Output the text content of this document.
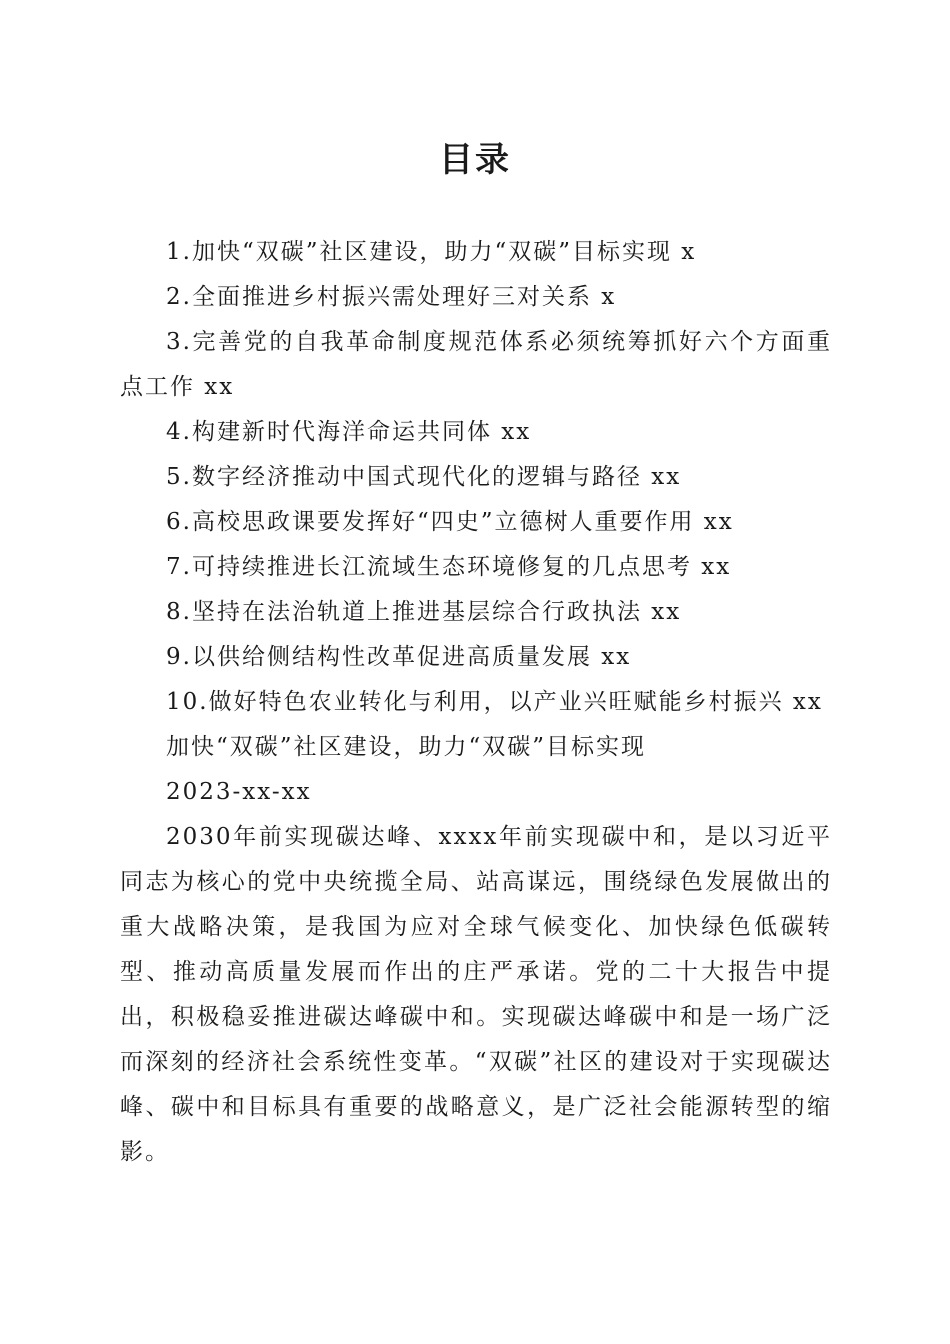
目录

1.加快“双碳”社区建设，助力“双碳”目标实现 x

2.全面推进乡村振兴需处理好三对关系 x

3.完善党的自我革命制度规范体系必须统筹抓好六个方面重点工作 xx

4.构建新时代海洋命运共同体 xx

5.数字经济推动中国式现代化的逻辑与路径 xx

6.高校思政课要发挥好“四史”立德树人重要作用 xx

7.可持续推进长江流域生态环境修复的几点思考 xx

8.坚持在法治轨道上推进基层综合行政执法 xx

9.以供给侧结构性改革促进高质量发展 xx

10.做好特色农业转化与利用，以产业兴旺赋能乡村振兴 xx

加快“双碳”社区建设，助力“双碳”目标实现

2023-xx-xx

2030年前实现碳达峰、xxxx年前实现碳中和，是以习近平同志为核心的党中央统揽全局、站高谋远，围绕绿色发展做出的重大战略决策，是我国为应对全球气候变化、加快绿色低碳转型、推动高质量发展而作出的庄严承诺。党的二十大报告中提出，积极稳妥推进碳达峰碳中和。实现碳达峰碳中和是一场广泛而深刻的经济社会系统性变革。“双碳”社区的建设对于实现碳达峰、碳中和目标具有重要的战略意义，是广泛社会能源转型的缩影。
